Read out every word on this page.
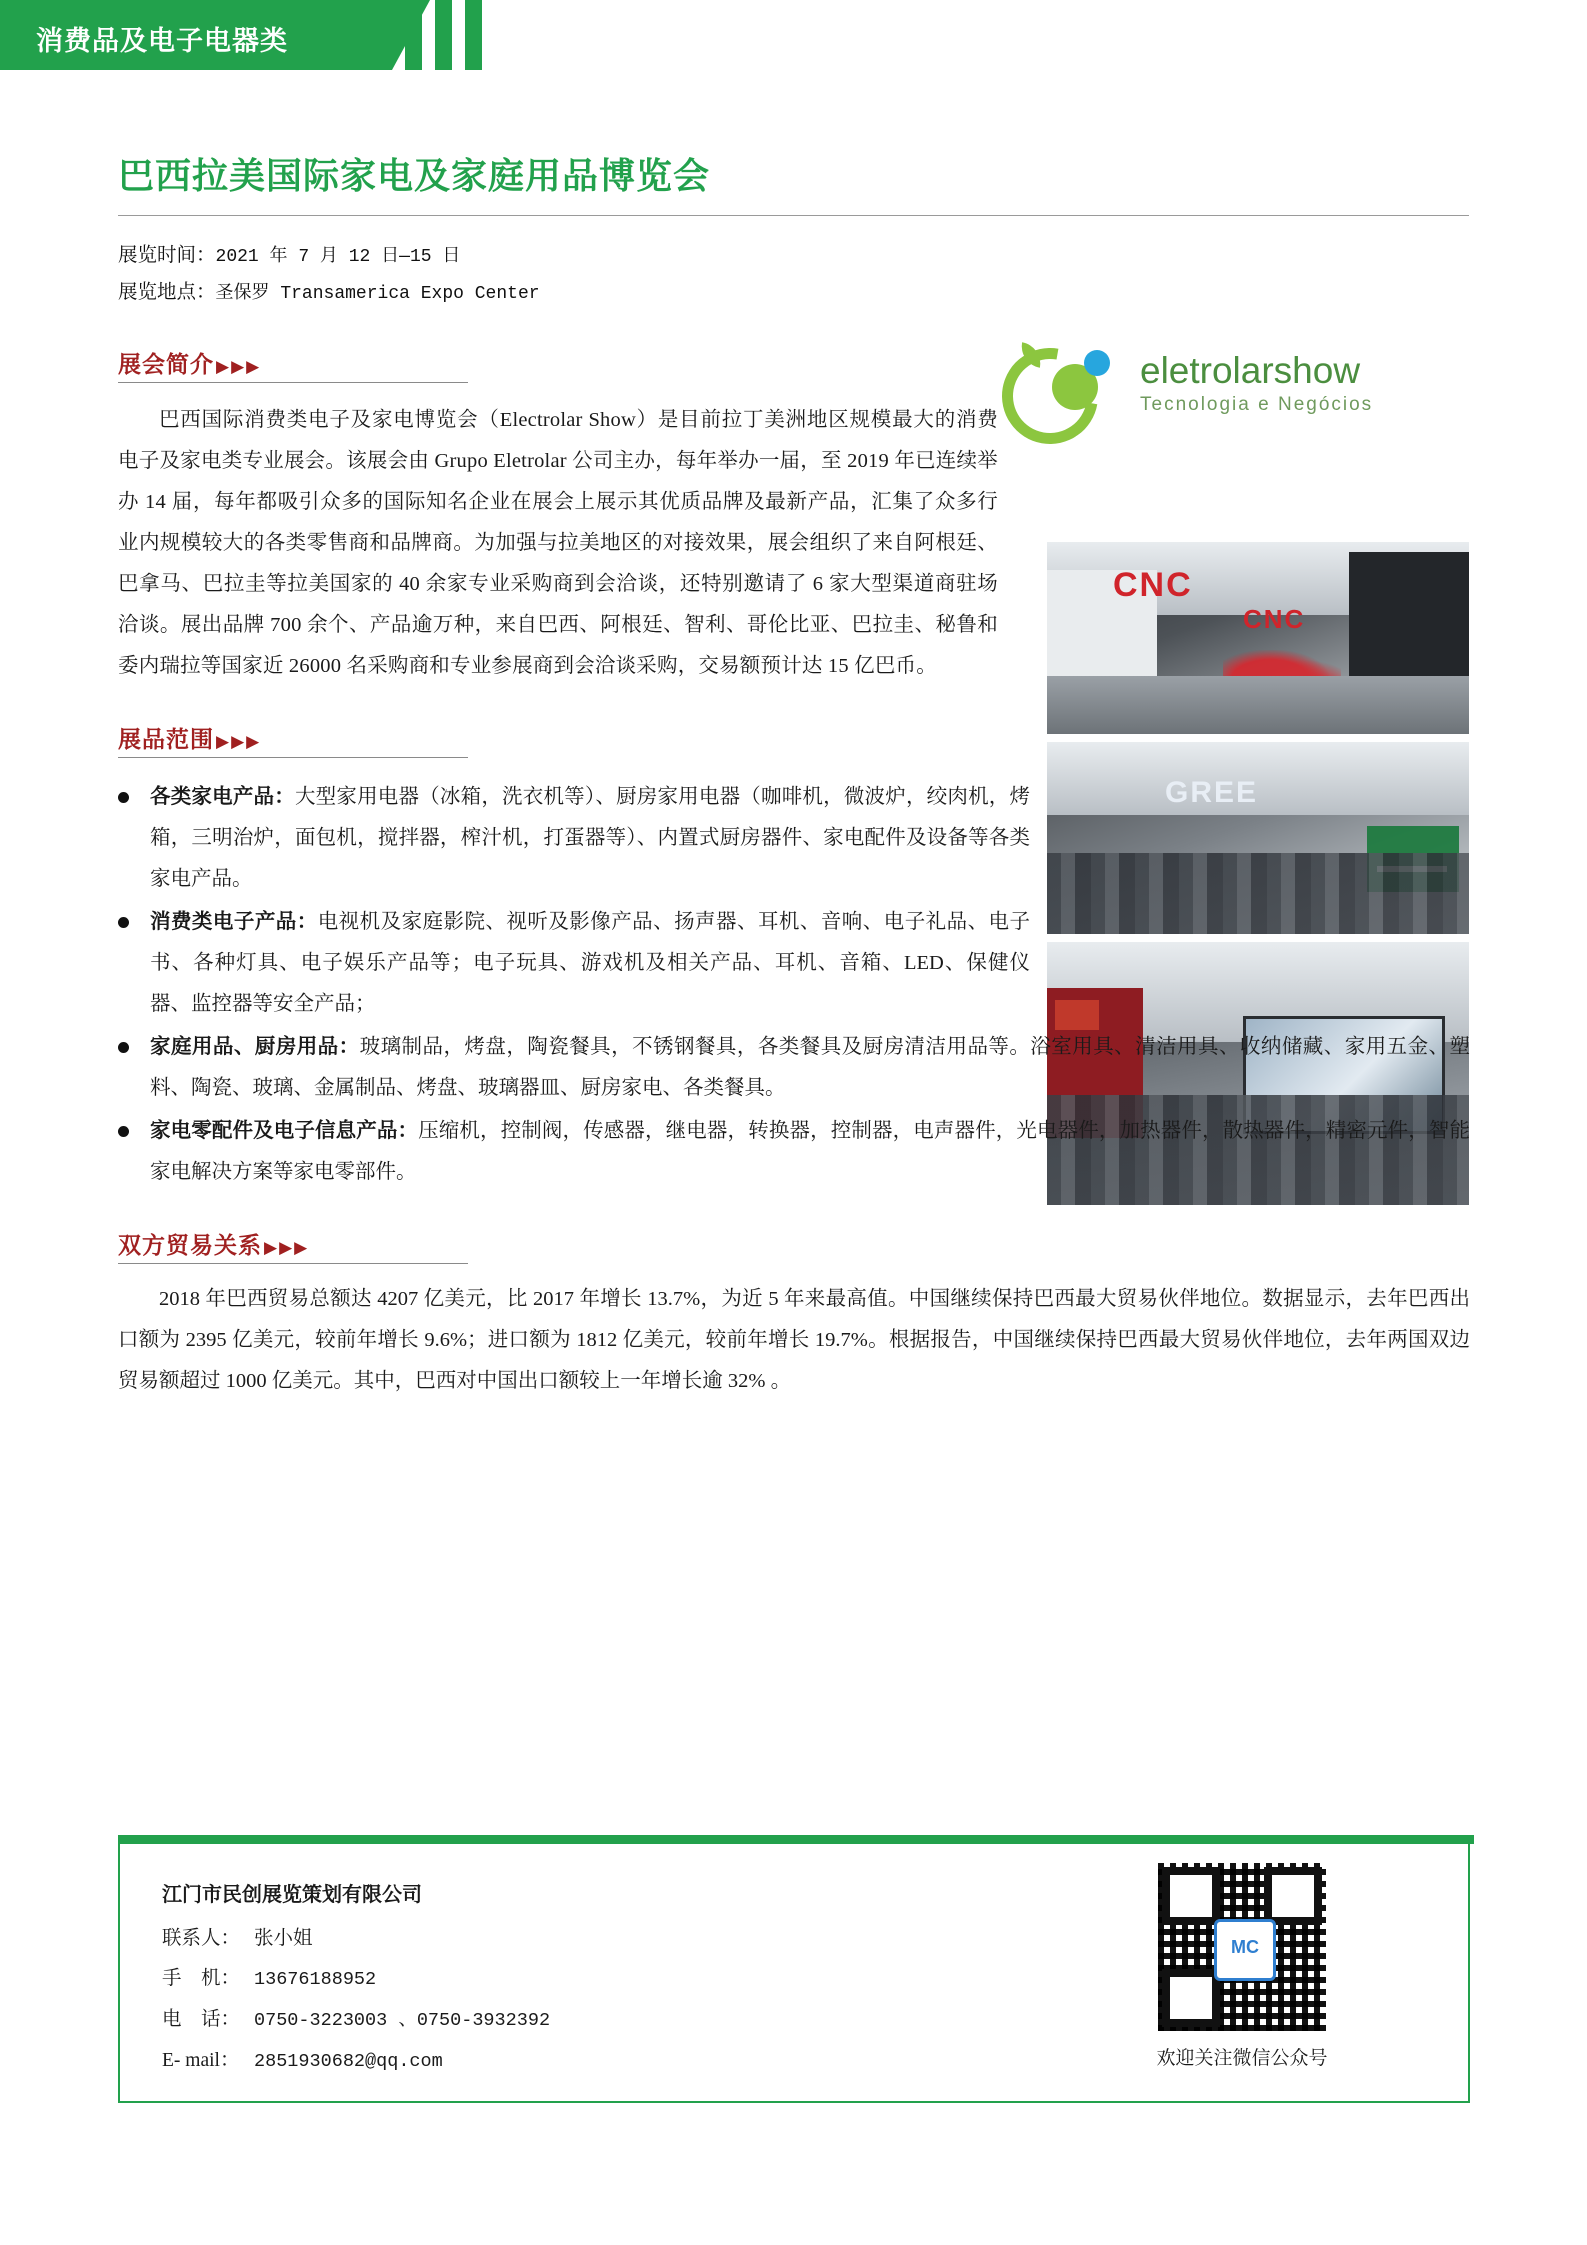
消费品及电子电器类
巴西拉美国际家电及家庭用品博览会
展览时间：2021 年 7 月 12 日—15 日
展览地点：圣保罗 Transamerica Expo Center
eletrolarshow
Tecnologia e Negócios
展会简介 ▶▶▶

巴西国际消费类电子及家电博览会（Electrolar Show）是目前拉丁美洲地区规模最大的消费电子及家电类专业展会。该展会由 Grupo Eletrolar 公司主办，每年举办一届，至 2019 年已连续举办 14 届，每年都吸引众多的国际知名企业在展会上展示其优质品牌及最新产品，汇集了众多行业内规模较大的各类零售商和品牌商。为加强与拉美地区的对接效果，展会组织了来自阿根廷、巴拿马、巴拉圭等拉美国家的 40 余家专业采购商到会洽谈，还特别邀请了 6 家大型渠道商驻场洽谈。展出品牌 700 余个、产品逾万种，来自巴西、阿根廷、智利、哥伦比亚、巴拉圭、秘鲁和委内瑞拉等国家近 26000 名采购商和专业参展商到会洽谈采购，交易额预计达 15 亿巴币。

CNC
CNC
GREE
展品范围 ▶▶▶
各类家电产品：大型家用电器（冰箱，洗衣机等）、厨房家用电器（咖啡机，微波炉，绞肉机，烤箱，三明治炉，面包机，搅拌器，榨汁机，打蛋器等）、内置式厨房器件、家电配件及设备等各类家电产品。
消费类电子产品：电视机及家庭影院、视听及影像产品、扬声器、耳机、音响、电子礼品、电子书、各种灯具、电子娱乐产品等；电子玩具、游戏机及相关产品、耳机、音箱、LED、保健仪器、监控器等安全产品；
家庭用品、厨房用品：玻璃制品，烤盘，陶瓷餐具，不锈钢餐具，各类餐具及厨房清洁用品等。浴室用具、清洁用具、收纳储藏、家用五金、塑料、陶瓷、玻璃、金属制品、烤盘、玻璃器皿、厨房家电、各类餐具。
家电零配件及电子信息产品：压缩机，控制阀，传感器，继电器，转换器，控制器，电声器件，光电器件，加热器件，散热器件，精密元件，智能家电解决方案等家电零部件。
双方贸易关系 ▶▶▶

2018 年巴西贸易总额达 4207 亿美元，比 2017 年增长 13.7%，为近 5 年来最高值。中国继续保持巴西最大贸易伙伴地位。数据显示，去年巴西出口额为 2395 亿美元，较前年增长 9.6%；进口额为 1812 亿美元，较前年增长 19.7%。根据报告，中国继续保持巴西最大贸易伙伴地位，去年两国双边贸易额超过 1000 亿美元。其中，巴西对中国出口额较上一年增长逾 32% 。

江门市民创展览策划有限公司
联系人： 张小姐
手　机： 13676188952
电　话： 0750-3223003 、0750-3932392
E- mail： 2851930682@qq.com
MC
欢迎关注微信公众号
